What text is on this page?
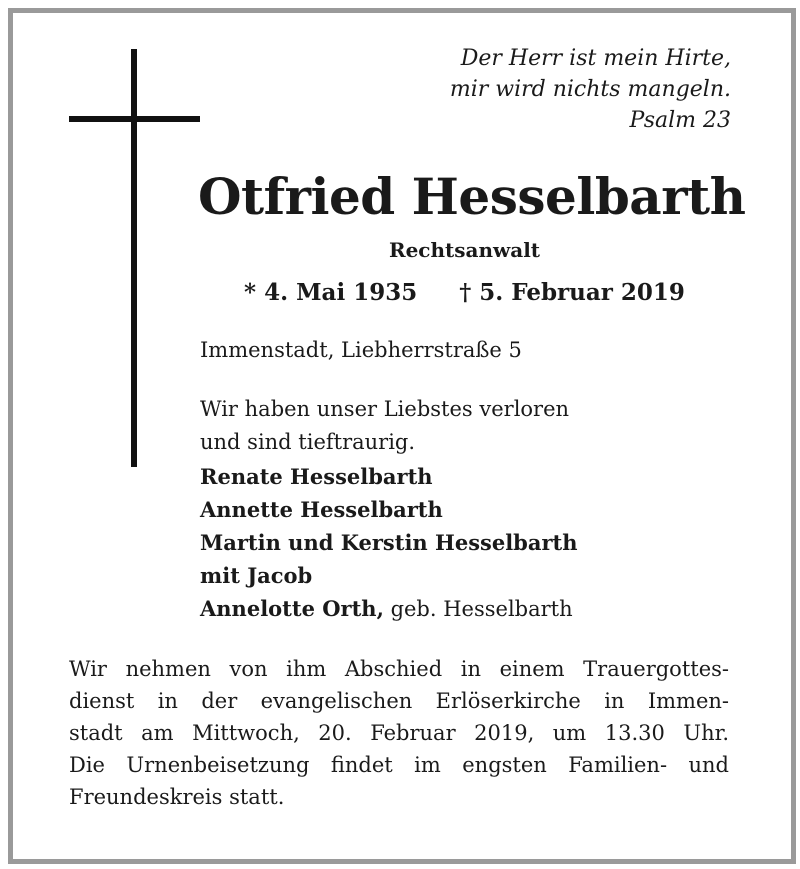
Der Herr ist mein Hirte,
mir wird nichts mangeln.
Psalm 23
Otfried Hesselbarth
Rechtsanwalt
* 4. Mai 1935 † 5. Februar 2019
Immenstadt, Liebherrstraße 5
Wir haben unser Liebstes verloren
und sind tieftraurig.
Renate Hesselbarth
Annette Hesselbarth
Martin und Kerstin Hesselbarth
mit Jacob
Annelotte Orth, geb. Hesselbarth
Wir nehmen von ihm Abschied in einem Trauergottes-
dienst in der evangelischen Erlöserkirche in Immen-
stadt am Mittwoch, 20. Februar 2019, um 13.30 Uhr.
Die Urnenbeisetzung findet im engsten Familien- und
Freundeskreis statt.
